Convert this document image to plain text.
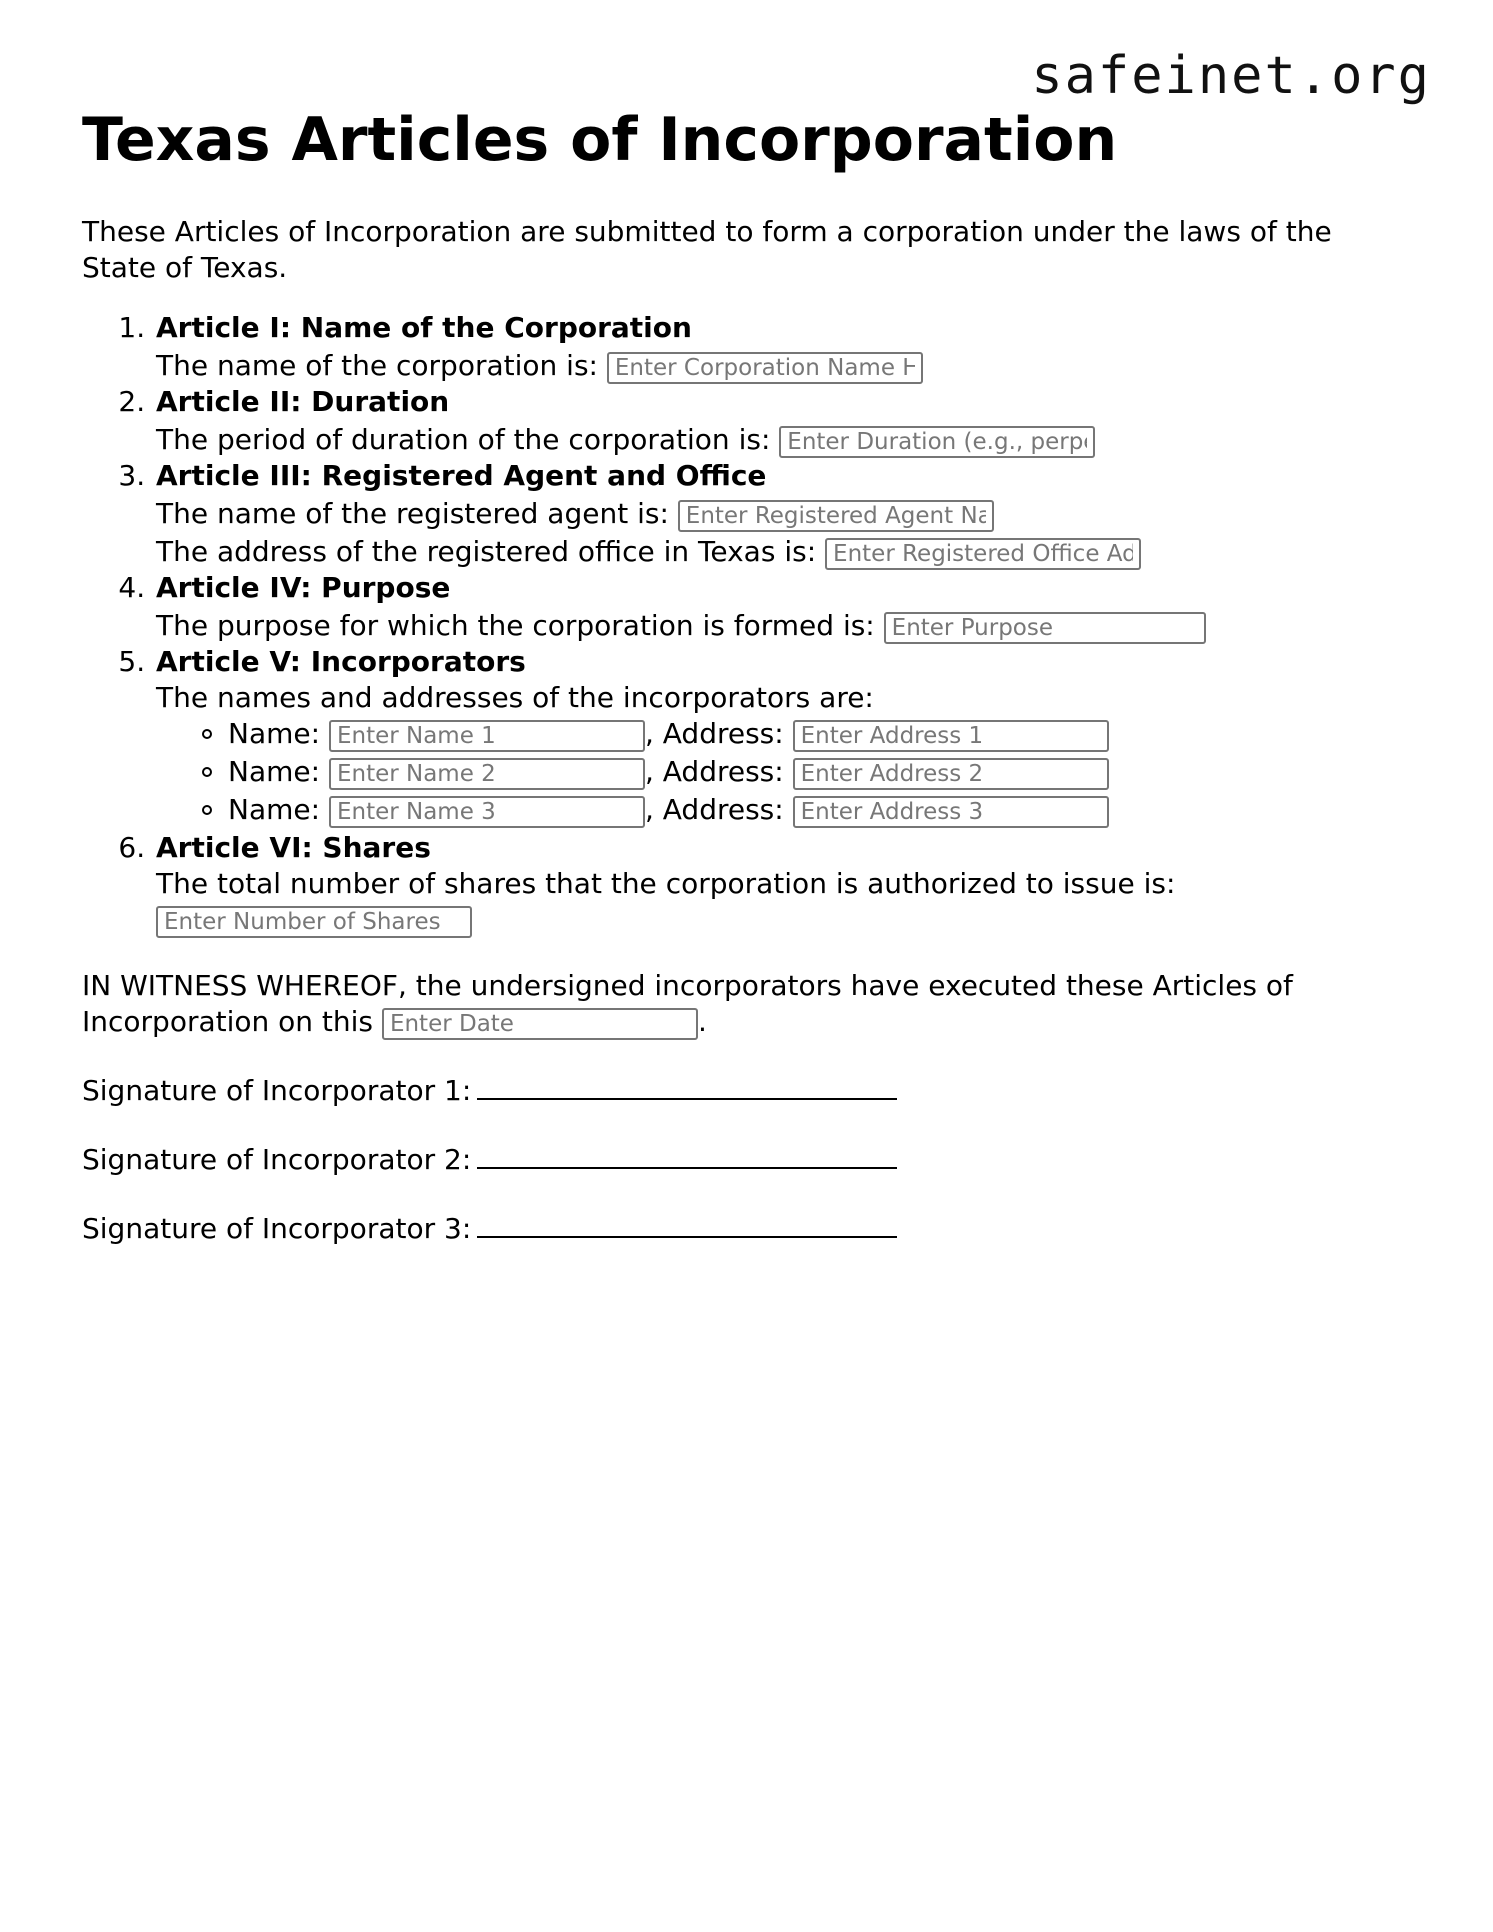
safeinet.org
Texas Articles of Incorporation

These Articles of Incorporation are submitted to form a corporation under the laws of the State of Texas.

1. Article I: Name of the Corporation
The name of the corporation is: Enter Corporation Name Here
2. Article II: Duration
The period of duration of the corporation is: Enter Duration (e.g., perpetual)
3. Article III: Registered Agent and Office
The name of the registered agent is: Enter Registered Agent Name
The address of the registered office in Texas is: Enter Registered Office Address
4. Article IV: Purpose
The purpose for which the corporation is formed is: Enter Purpose
5. Article V: Incorporators
The names and addresses of the incorporators are:
Name: Enter Name 1	, Address: Enter Address 1
Name: Enter Name 2	, Address: Enter Address 2
Name: Enter Name 3	, Address: Enter Address 3
6. Article VI: Shares
The total number of shares that the corporation is authorized to issue is:
Enter Number of Shares

IN WITNESS WHEREOF, the undersigned incorporators have executed these Articles of Incorporation on this Enter Date	.

Signature of Incorporator 1:
Signature of Incorporator 2:
Signature of Incorporator 3:
